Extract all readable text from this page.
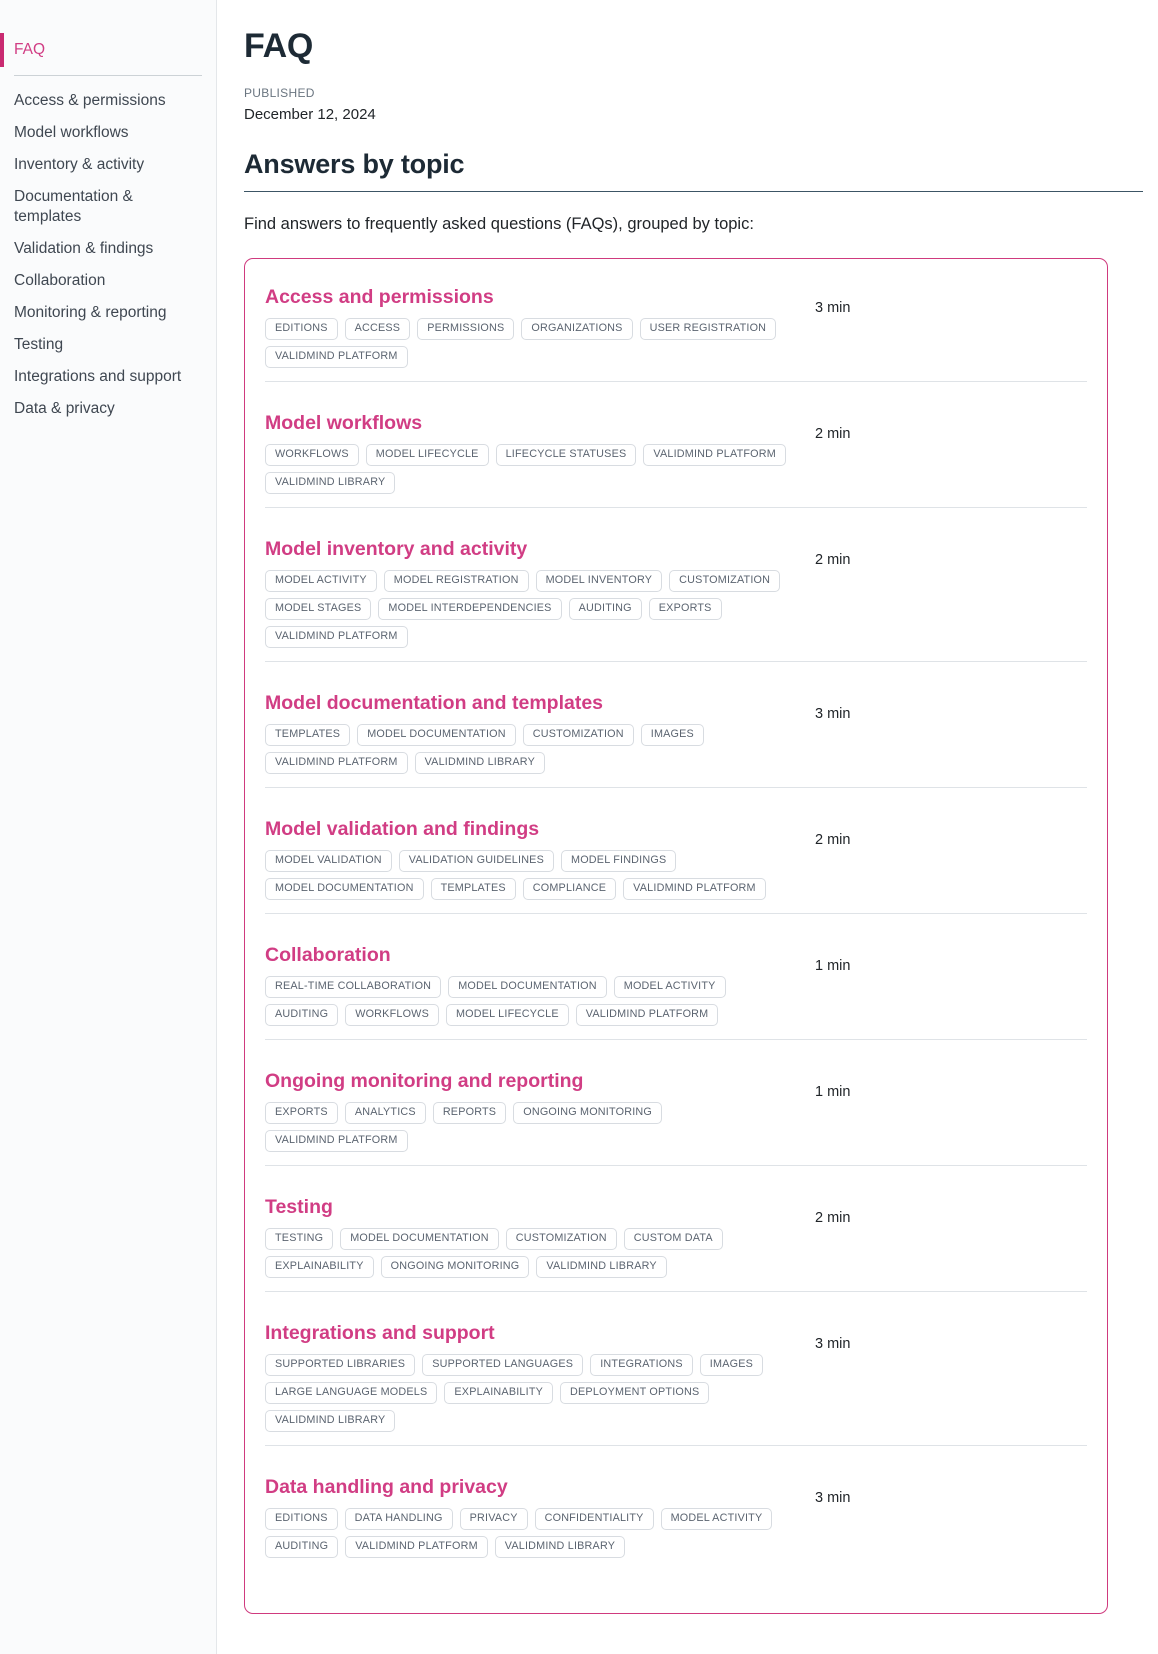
FAQ
Access & permissions
Model workflows
Inventory & activity
Documentation & templates
Validation & findings
Collaboration
Monitoring & reporting
Testing
Integrations and support
Data & privacy
FAQ
PUBLISHED
December 12, 2024
Answers by topic

Find answers to frequently asked questions (FAQs), grouped by topic:

Access and permissions
EDITIONS	ACCESS	PERMISSIONS	ORGANIZATIONS	USER REGISTRATION
VALIDMIND PLATFORM
3 min
Model workflows
WORKFLOWS	MODEL LIFECYCLE	LIFECYCLE STATUSES	VALIDMIND PLATFORM
VALIDMIND LIBRARY
2 min
Model inventory and activity
MODEL ACTIVITY	MODEL REGISTRATION	MODEL INVENTORY	CUSTOMIZATION
MODEL STAGES	MODEL INTERDEPENDENCIES	AUDITING	EXPORTS
VALIDMIND PLATFORM
2 min
Model documentation and templates
TEMPLATES	MODEL DOCUMENTATION	CUSTOMIZATION	IMAGES
VALIDMIND PLATFORM	VALIDMIND LIBRARY
3 min
Model validation and findings
MODEL VALIDATION	VALIDATION GUIDELINES	MODEL FINDINGS
MODEL DOCUMENTATION	TEMPLATES	COMPLIANCE	VALIDMIND PLATFORM
2 min
Collaboration
REAL-TIME COLLABORATION	MODEL DOCUMENTATION	MODEL ACTIVITY
AUDITING	WORKFLOWS	MODEL LIFECYCLE	VALIDMIND PLATFORM
1 min
Ongoing monitoring and reporting
EXPORTS	ANALYTICS	REPORTS	ONGOING MONITORING
VALIDMIND PLATFORM
1 min
Testing
TESTING	MODEL DOCUMENTATION	CUSTOMIZATION	CUSTOM DATA
EXPLAINABILITY	ONGOING MONITORING	VALIDMIND LIBRARY
2 min
Integrations and support
SUPPORTED LIBRARIES	SUPPORTED LANGUAGES	INTEGRATIONS	IMAGES
LARGE LANGUAGE MODELS	EXPLAINABILITY	DEPLOYMENT OPTIONS
VALIDMIND LIBRARY
3 min
Data handling and privacy
EDITIONS	DATA HANDLING	PRIVACY	CONFIDENTIALITY	MODEL ACTIVITY
AUDITING	VALIDMIND PLATFORM	VALIDMIND LIBRARY
3 min
